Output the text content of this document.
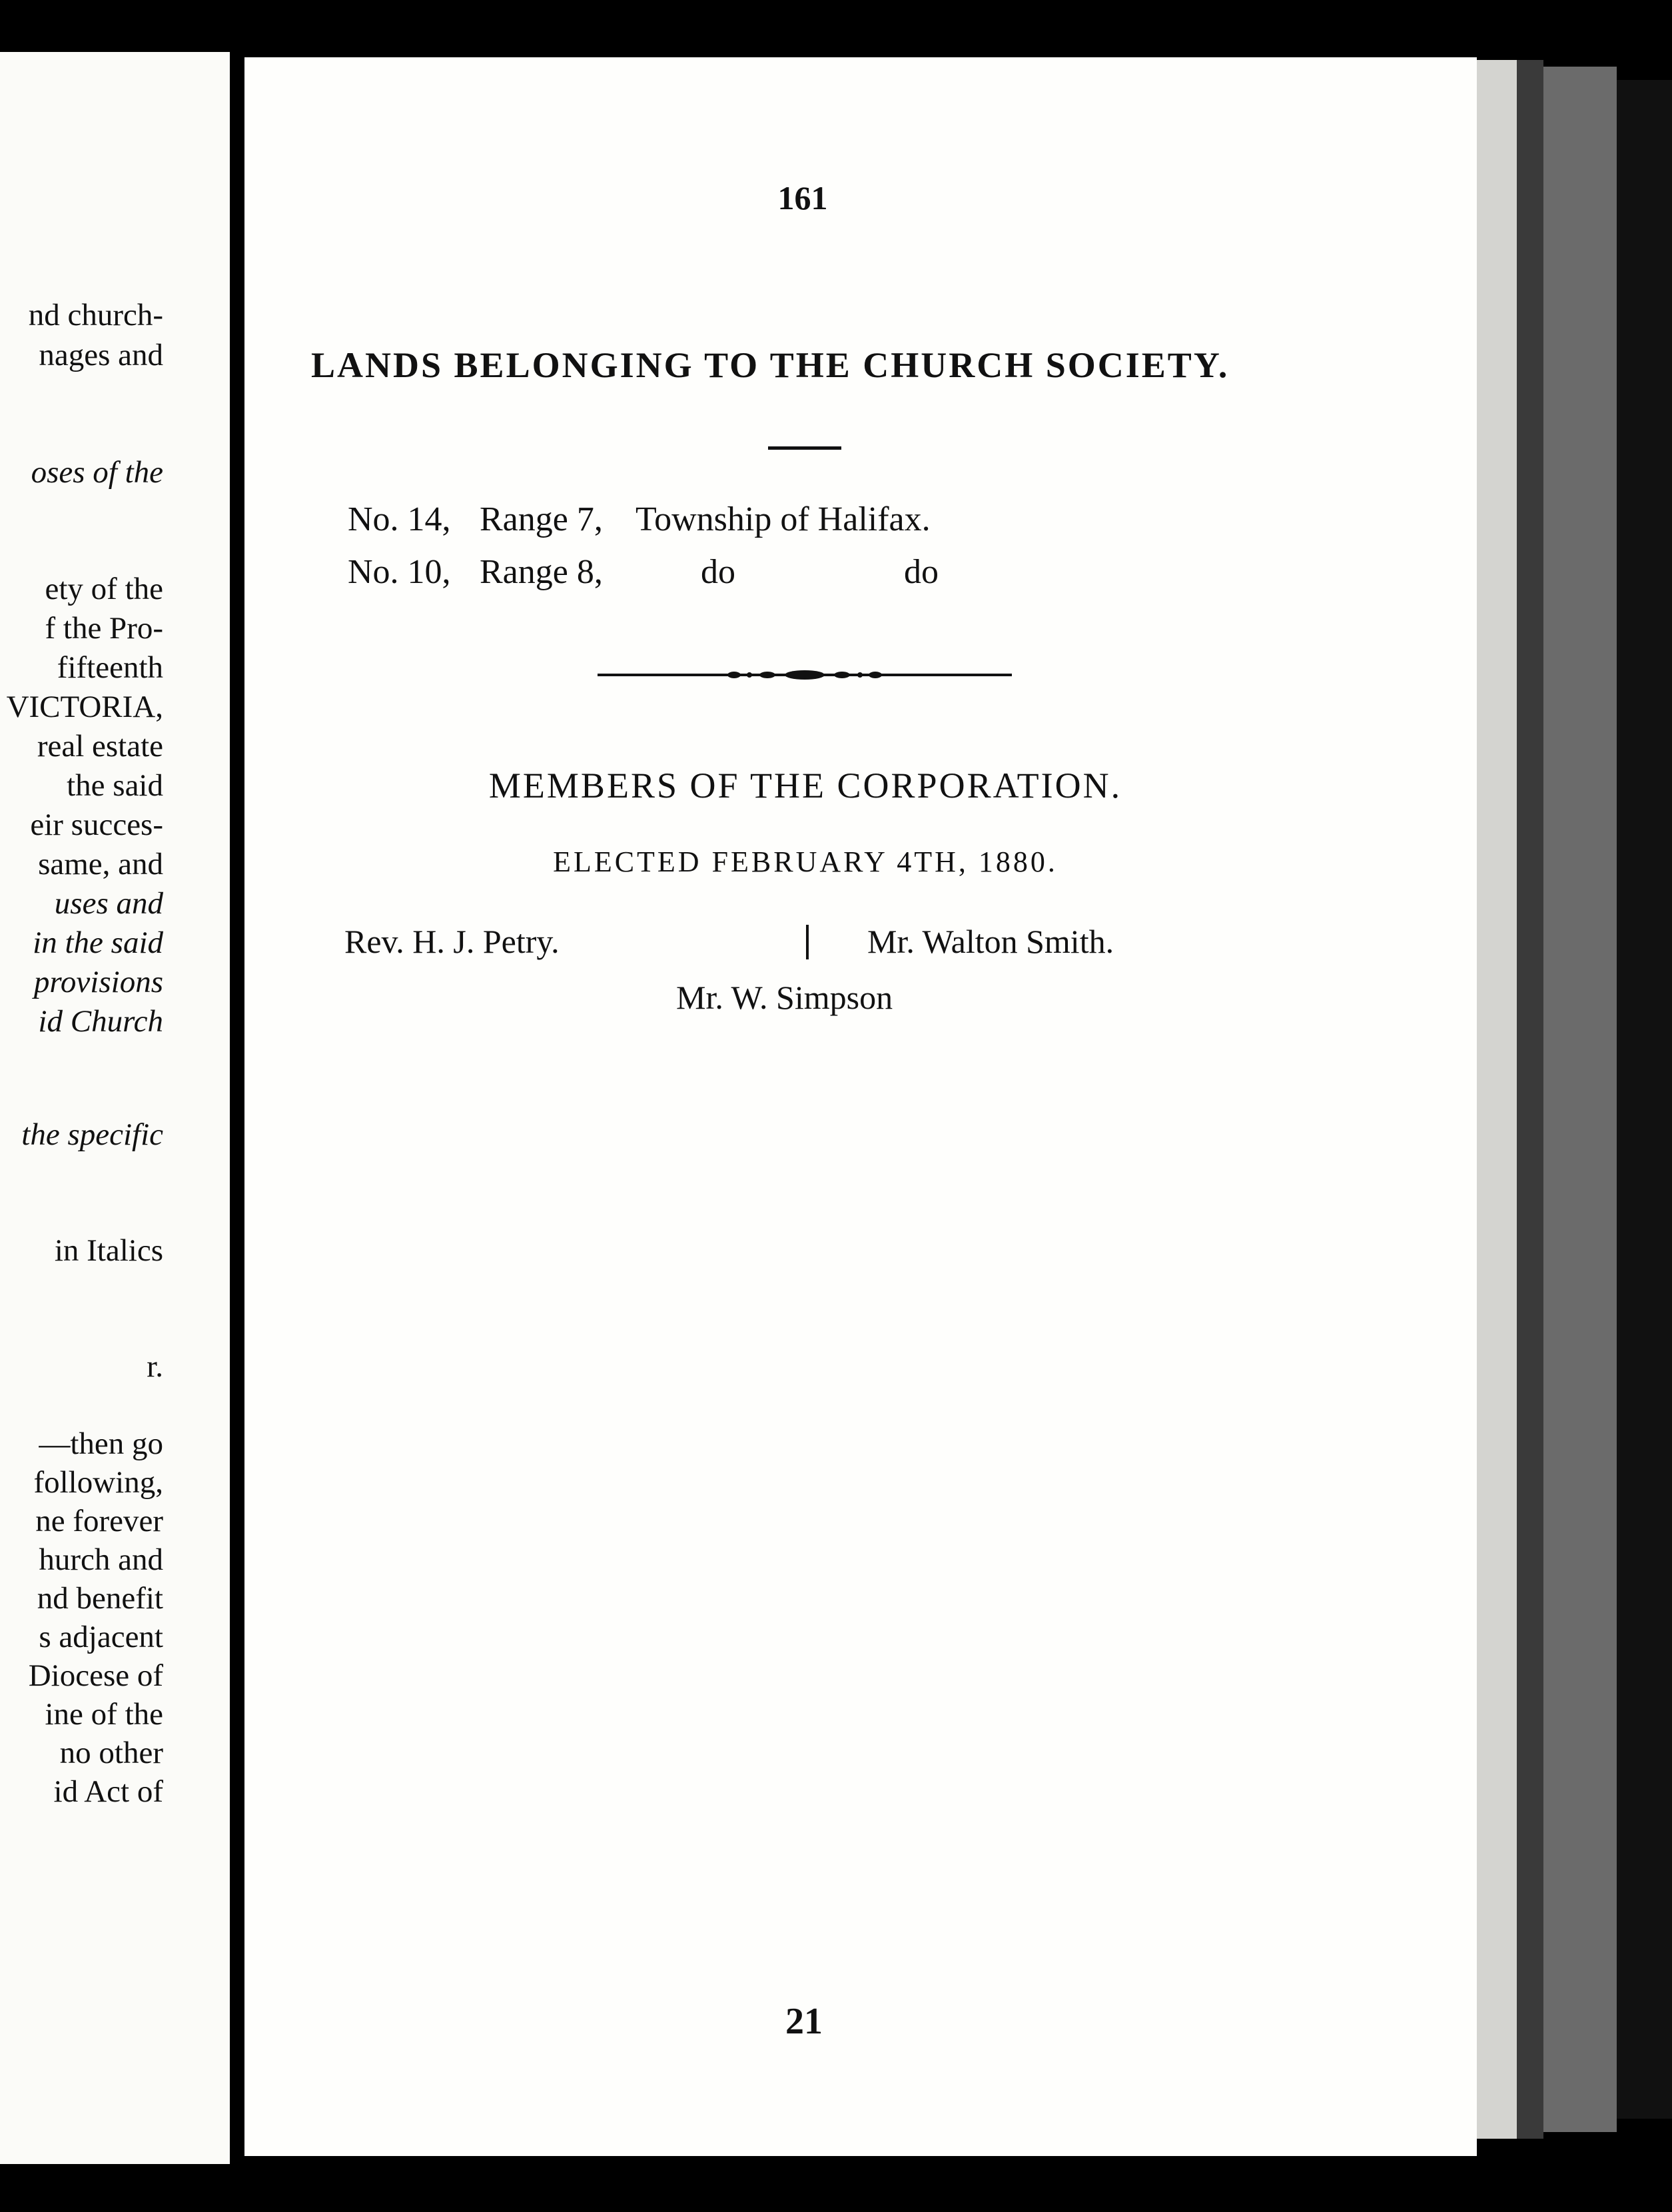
nd church-
nages and
oses of the
ety of the
f the Pro-
fifteenth
VICTORIA,
real estate
the said
eir succes-
same, and
uses and
in the said
provisions
id Church
the specific
in Italics
r.
—then go
following,
ne forever
hurch and
nd benefit
s adjacent
Diocese of
ine of the
no other
id Act of
161
LANDS BELONGING TO THE CHURCH SOCIETY.
No. 14, Range 7, Township of Halifax.
No. 10, Range 8,	do	do
MEMBERS OF THE CORPORATION.
ELECTED FEBRUARY 4TH, 1880.
Rev. H. J. Petry.	Mr. Walton Smith.
Mr. W. Simpson
21
